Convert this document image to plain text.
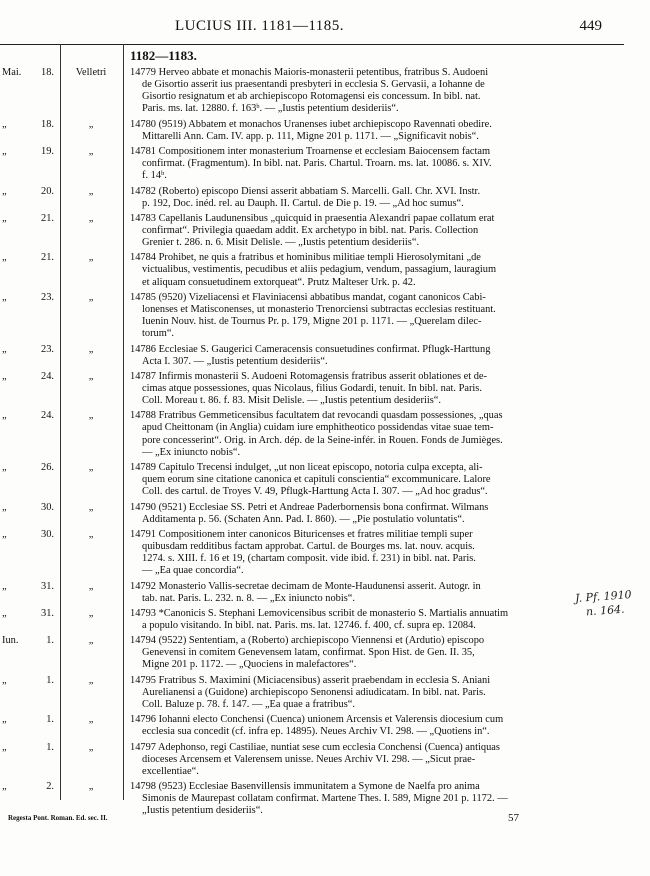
LUCIUS III. 1181—1185.	449
1182—1183.
Mai.	18.	Velletri	14779 Herveo abbate et monachis Maioris-monasterii petentibus, fratribus S. Audoeni
de Gisortio asserit ius praesentandi presbyteri in ecclesia S. Gervasii, a Iohanne de
Gisortio resignatum et ab archiepiscopo Rotomagensi eis concessum. In bibl. nat.
Paris. ms. lat. 12880. f. 163ᵇ. — „Iustis petentium desideriis“.
„	18.	„	14780 (9519) Abbatem et monachos Uranenses iubet archiepiscopo Ravennati obedire.
Mittarelli Ann. Cam. IV. app. p. 111, Migne 201 p. 1171. — „Significavit nobis“.
„	19.	„	14781 Compositionem inter monasterium Troarnense et ecclesiam Baiocensem factam
confirmat. (Fragmentum). In bibl. nat. Paris. Chartul. Troarn. ms. lat. 10086. s. XIV.
f. 14ᵇ.
„	20.	„	14782 (Roberto) episcopo Diensi asserit abbatiam S. Marcelli. Gall. Chr. XVI. Instr.
p. 192, Doc. inéd. rel. au Dauph. II. Cartul. de Die p. 19. — „Ad hoc sumus“.
„	21.	„	14783 Capellanis Laudunensibus „quicquid in praesentia Alexandri papae collatum erat
confirmat“. Privilegia quaedam addit. Ex archetypo in bibl. nat. Paris. Collection
Grenier t. 286. n. 6. Misit Delisle. — „Iustis petentium desideriis“.
„	21.	„	14784 Prohibet, ne quis a fratribus et hominibus militiae templi Hierosolymitani „de
victualibus, vestimentis, pecudibus et aliis pedagium, vendum, passagium, lauragium
et aliquam consuetudinem extorqueat“. Prutz Malteser Urk. p. 42.
„	23.	„	14785 (9520) Vizeliacensi et Flaviniacensi abbatibus mandat, cogant canonicos Cabi-
lonenses et Matisconenses, ut monasterio Trenorciensi subtractas ecclesias restituant.
Iuenin Nouv. hist. de Tournus Pr. p. 179, Migne 201 p. 1171. — „Querelam dilec-
torum“.
„	23.	„	14786 Ecclesiae S. Gaugerici Cameracensis consuetudines confirmat. Pflugk-Harttung
Acta I. 307. — „Iustis petentium desideriis“.
„	24.	„	14787 Infirmis monasterii S. Audoeni Rotomagensis fratribus asserit oblationes et de-
cimas atque possessiones, quas Nicolaus, filius Godardi, tenuit. In bibl. nat. Paris.
Coll. Moreau t. 86. f. 83. Misit Delisle. — „Iustis petentium desideriis“.
„	24.	„	14788 Fratribus Gemmeticensibus facultatem dat revocandi quasdam possessiones, „quas
apud Cheittonam (in Anglia) cuidam iure emphitheotico possidendas vitae suae tem-
pore concesserint“. Orig. in Arch. dép. de la Seine-infér. in Rouen. Fonds de Jumièges.
— „Ex iniuncto nobis“.
„	26.	„	14789 Capitulo Trecensi indulget, „ut non liceat episcopo, notoria culpa excepta, ali-
quem eorum sine citatione canonica et capituli conscientia“ excommunicare. Lalore
Coll. des cartul. de Troyes V. 49, Pflugk-Harttung Acta I. 307. — „Ad hoc gradus“.
„	30.	„	14790 (9521) Ecclesiae SS. Petri et Andreae Paderbornensis bona confirmat. Wilmans
Additamenta p. 56. (Schaten Ann. Pad. I. 860). — „Pie postulatio voluntatis“.
„	30.	„	14791 Compositionem inter canonicos Bituricenses et fratres militiae templi super
quibusdam redditibus factam approbat. Cartul. de Bourges ms. lat. nouv. acquis.
1274. s. XIII. f. 16 et 19, (chartam composit. vide ibid. f. 231) in bibl. nat. Paris.
— „Ea quae concordia“.
„	31.	„	14792 Monasterio Vallis-secretae decimam de Monte-Haudunensi asserit. Autogr. in
tab. nat. Paris. L. 232. n. 8. — „Ex iniuncto nobis“.
„	31.	„	14793 *Canonicis S. Stephani Lemovicensibus scribit de monasterio S. Martialis annuatim
a populo visitando. In bibl. nat. Paris. ms. lat. 12746. f. 400, cf. supra ep. 12084.
Iun.	1.	„	14794 (9522) Sententiam, a (Roberto) archiepiscopo Viennensi et (Ardutio) episcopo
Genevensi in comitem Genevensem latam, confirmat. Spon Hist. de Gen. II. 35,
Migne 201 p. 1172. — „Quociens in malefactores“.
„	1.	„	14795 Fratribus S. Maximini (Miciacensibus) asserit praebendam in ecclesia S. Aniani
Aurelianensi a (Guidone) archiepiscopo Senonensi adiudicatam. In bibl. nat. Paris.
Coll. Baluze p. 78. f. 147. — „Ea quae a fratribus“.
„	1.	„	14796 Iohanni electo Conchensi (Cuenca) unionem Arcensis et Valerensis diocesium cum
ecclesia sua concedit (cf. infra ep. 14895). Neues Archiv VI. 298. — „Quotiens in“.
„	1.	„	14797 Adephonso, regi Castiliae, nuntiat sese cum ecclesia Conchensi (Cuenca) antiquas
dioceses Arcensem et Valerensem unisse. Neues Archiv VI. 298. — „Sicut prae-
excellentiae“.
„	2.	„	14798 (9523) Ecclesiae Basenvillensis immunitatem a Symone de Naelfa pro anima
Simonis de Maurepast collatam confirmat. Martene Thes. I. 589, Migne 201 p. 1172. —
„Iustis petentium desideriis“.
J. Pf. 1910
n. 164.
Regesta Pont. Roman. Ed. sec. II.	57
